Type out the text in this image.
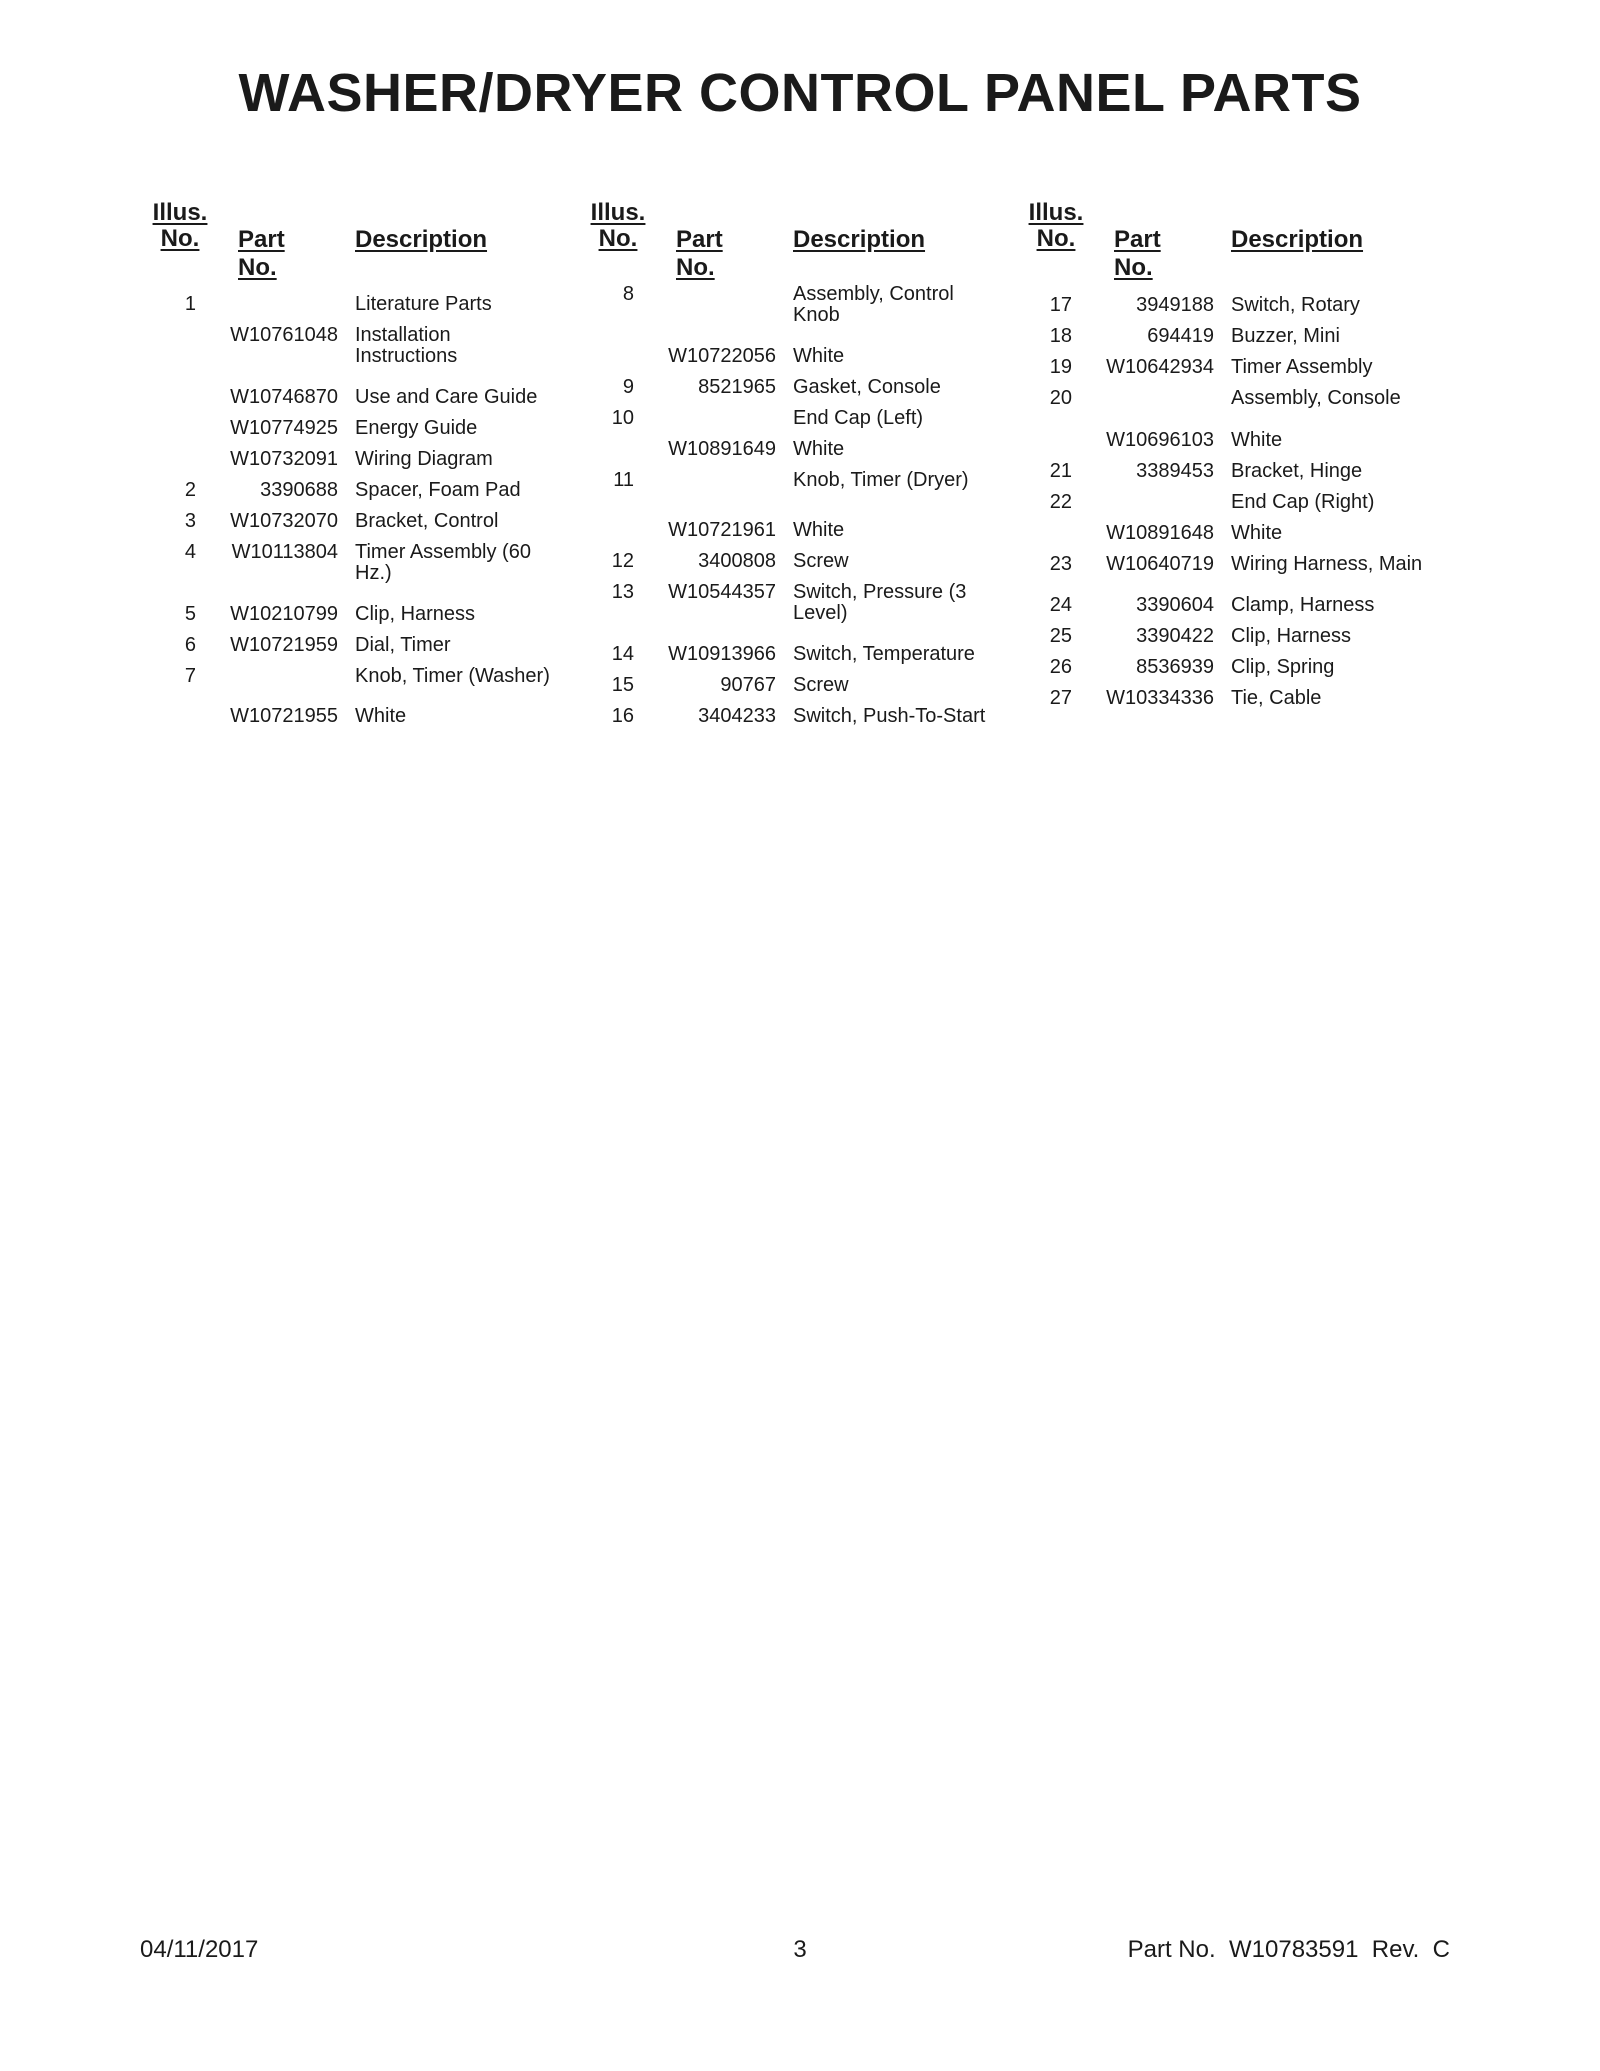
WASHER/DRYER CONTROL PANEL PARTS
Illus.
No.	Part No.
Description
1	Literature Parts
W10761048 Installation Instructions
W10746870 Use and Care Guide
W10774925 Energy Guide
W10732091 Wiring Diagram
2	3390688 Spacer, Foam Pad
3	W10732070 Bracket, Control
4	W10113804 Timer Assembly (60 Hz.)
5	W10210799 Clip, Harness
6	W10721959 Dial, Timer
7	Knob, Timer (Washer)
W10721955 White
Illus.
No.	Part No.
Description
8	Assembly, Control Knob
W10722056 White
9	8521965 Gasket, Console
10	End Cap (Left)
W10891649 White
11	Knob, Timer (Dryer)
W10721961 White
12	3400808 Screw
13	W10544357 Switch, Pressure (3 Level)
14	W10913966 Switch, Temperature
15	90767 Screw
16	3404233 Switch, Push-To-Start
Illus.
No.	Part No.
Description
17	3949188 Switch, Rotary
18	694419 Buzzer, Mini
19	W10642934 Timer Assembly
20	Assembly, Console
W10696103 White
21	3389453 Bracket, Hinge
22	End Cap (Right)
W10891648 White
23	W10640719 Wiring Harness, Main
24	3390604 Clamp, Harness
25	3390422 Clip, Harness
26	8536939 Clip, Spring
27	W10334336 Tie, Cable
04/11/2017	3	Part No.  W10783591  Rev.  C
